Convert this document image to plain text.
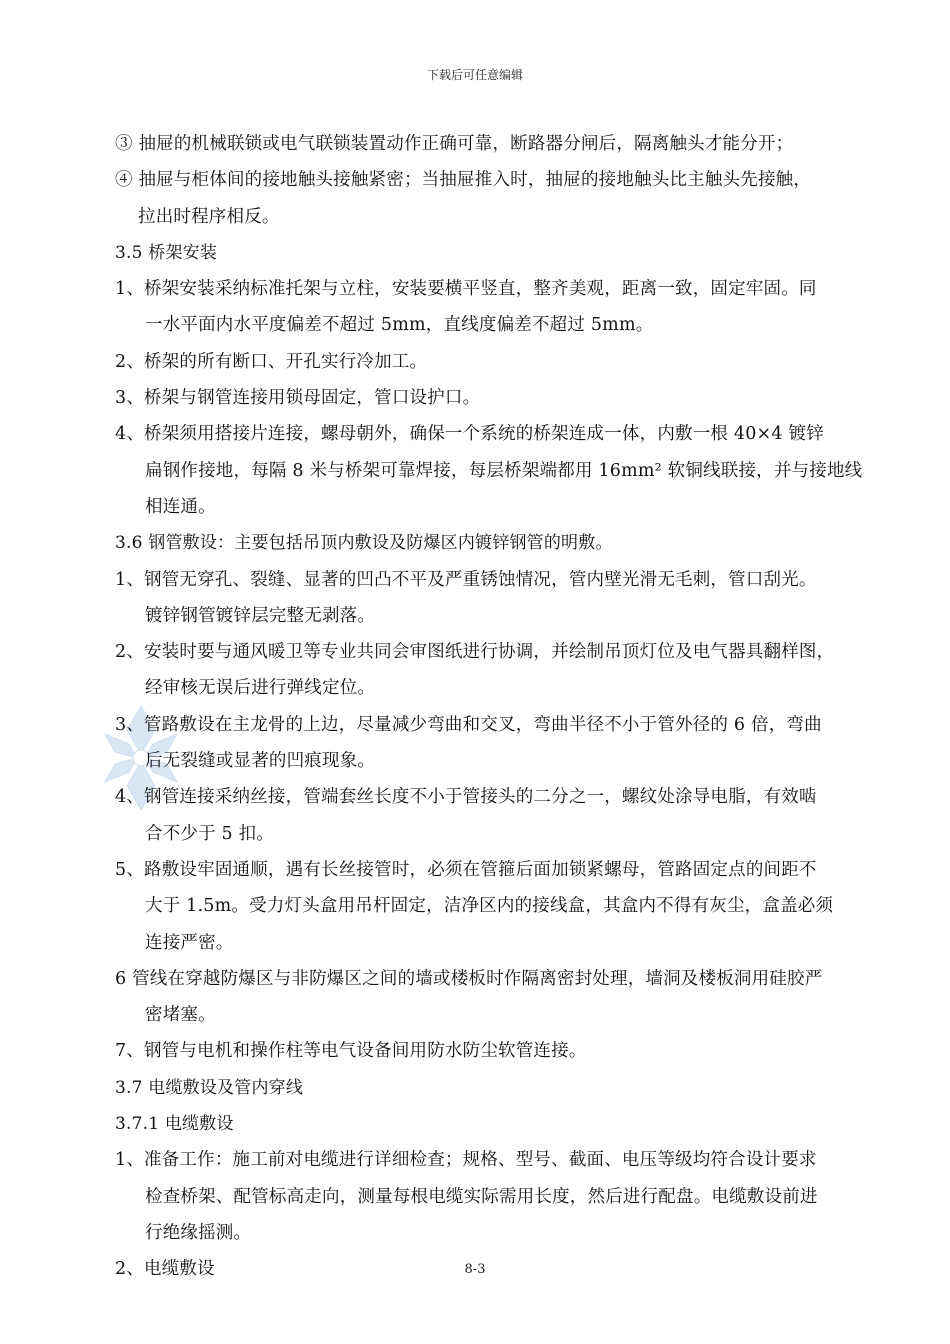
下载后可任意编辑
③ 抽屉的机械联锁或电气联锁装置动作正确可靠，断路器分闸后，隔离触头才能分开；
④ 抽屉与柜体间的接地触头接触紧密；当抽屉推入时，抽屉的接地触头比主触头先接触，
拉出时程序相反。
3.5 桥架安装
1、桥架安装采纳标准托架与立柱，安装要横平竖直，整齐美观，距离一致，固定牢固。同
一水平面内水平度偏差不超过 5mm，直线度偏差不超过 5mm。
2、桥架的所有断口、开孔实行冷加工。
3、桥架与钢管连接用锁母固定，管口设护口。
4、桥架须用搭接片连接，螺母朝外，确保一个系统的桥架连成一体，内敷一根 40×4 镀锌
扁钢作接地，每隔 8 米与桥架可靠焊接，每层桥架端都用 16mm² 软铜线联接，并与接地线
相连通。
3.6 钢管敷设：主要包括吊顶内敷设及防爆区内镀锌钢管的明敷。
1、钢管无穿孔、裂缝、显著的凹凸不平及严重锈蚀情况，管内壁光滑无毛刺，管口刮光。
镀锌钢管镀锌层完整无剥落。
2、安装时要与通风暖卫等专业共同会审图纸进行协调，并绘制吊顶灯位及电气器具翻样图，
经审核无误后进行弹线定位。
3、管路敷设在主龙骨的上边，尽量减少弯曲和交叉，弯曲半径不小于管外径的 6 倍，弯曲
后无裂缝或显著的凹痕现象。
4、钢管连接采纳丝接，管端套丝长度不小于管接头的二分之一，螺纹处涂导电脂，有效啮
合不少于 5 扣。
5、路敷设牢固通顺，遇有长丝接管时，必须在管箍后面加锁紧螺母，管路固定点的间距不
大于 1.5m。受力灯头盒用吊杆固定，洁净区内的接线盒，其盒内不得有灰尘，盒盖必须
连接严密。
6 管线在穿越防爆区与非防爆区之间的墙或楼板时作隔离密封处理，墙洞及楼板洞用硅胶严
密堵塞。
7、钢管与电机和操作柱等电气设备间用防水防尘软管连接。
3.7 电缆敷设及管内穿线
3.7.1 电缆敷设
1、准备工作：施工前对电缆进行详细检查；规格、型号、截面、电压等级均符合设计要求
检查桥架、配管标高走向，测量每根电缆实际需用长度，然后进行配盘。电缆敷设前进
行绝缘摇测。
2、电缆敷设	8-3
